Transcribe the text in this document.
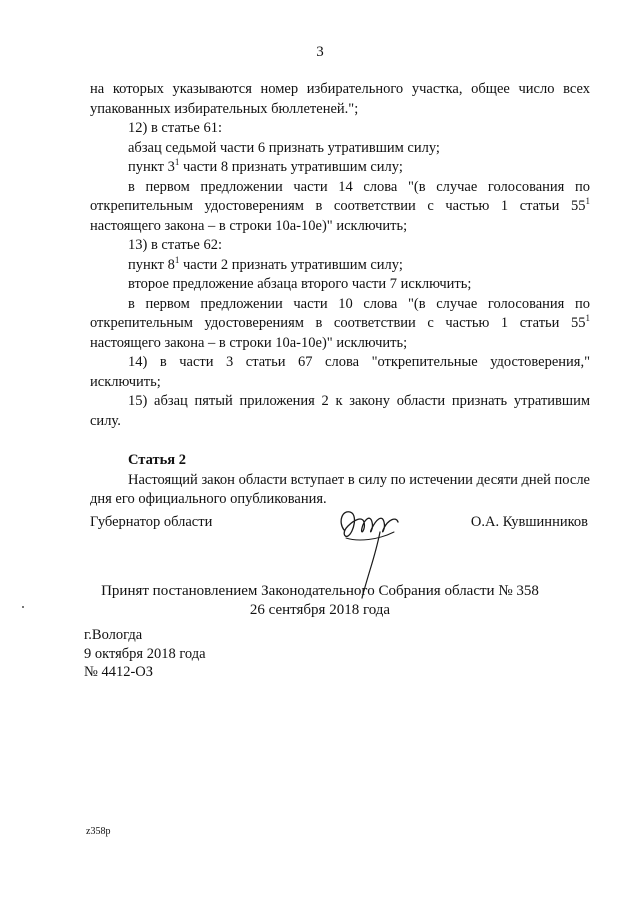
3

на которых указываются номер избирательного участка, общее число всех упакованных избирательных бюллетеней.";

12) в статье 61:

абзац седьмой части 6 признать утратившим силу;

пункт $3^1$ части 8 признать утратившим силу;

в первом предложении части 14 слова "(в случае голосования по открепительным удостоверениям в соответствии с частью 1 статьи $55^1$ настоящего закона – в строки 10а-10е)" исключить;

13) в статье 62:

пункт $8^1$ части 2 признать утратившим силу;

второе предложение абзаца второго части 7 исключить;

в первом предложении части 10 слова "(в случае голосования по открепительным удостоверениям в соответствии с частью 1 статьи $55^1$ настоящего закона – в строки 10а-10е)" исключить;

14) в части 3 статьи 67 слова "открепительные удостоверения," исключить;

15) абзац пятый приложения 2 к закону области признать утратившим силу.

Статья 2

Настоящий закон области вступает в силу по истечении десяти дней после дня его официального опубликования.

Губернатор области	О.А. Кувшинников
Принят постановлением Законодательного Собрания области № 358
26 сентября 2018 года
г.Вологда
9 октября 2018 года
№ 4412-ОЗ
z358p
